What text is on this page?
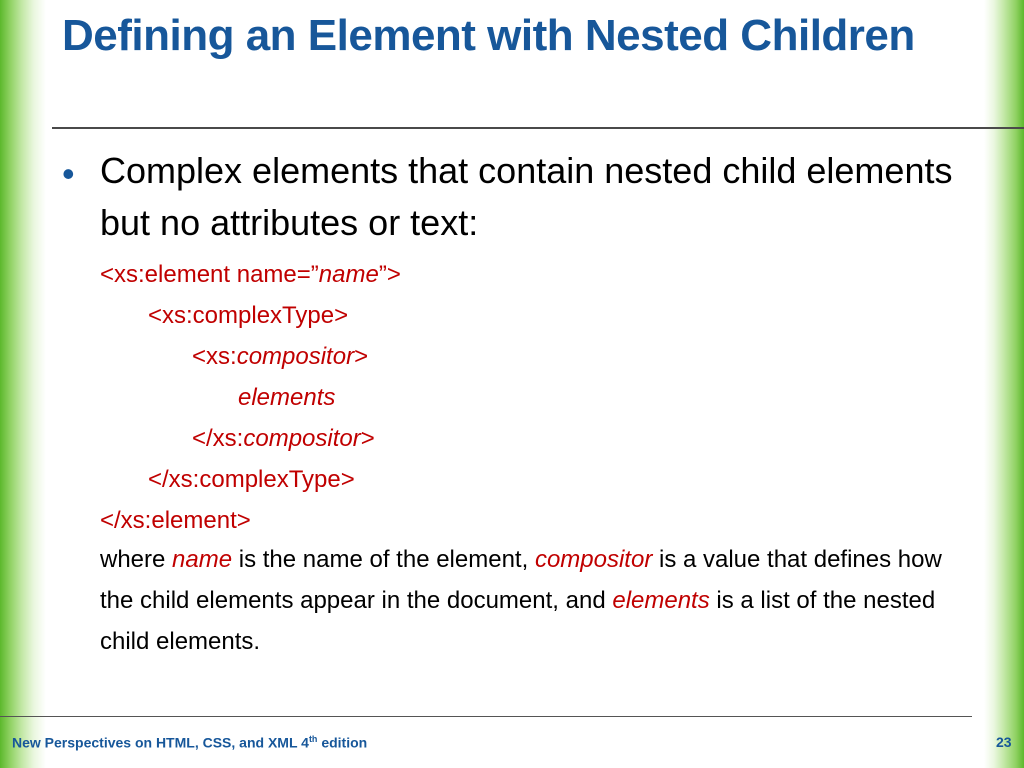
Defining an Element with Nested Children
• Complex elements that contain nested child elements but no attributes or text:
<xs:element name=”name”>
<xs:complexType>
<xs:compositor>
elements
</xs:compositor>
</xs:complexType>
</xs:element>
where name is the name of the element, compositor is a value that defines how the child elements appear in the document, and elements is a list of the nested child elements.
New Perspectives on HTML, CSS, and XML 4th edition	23
